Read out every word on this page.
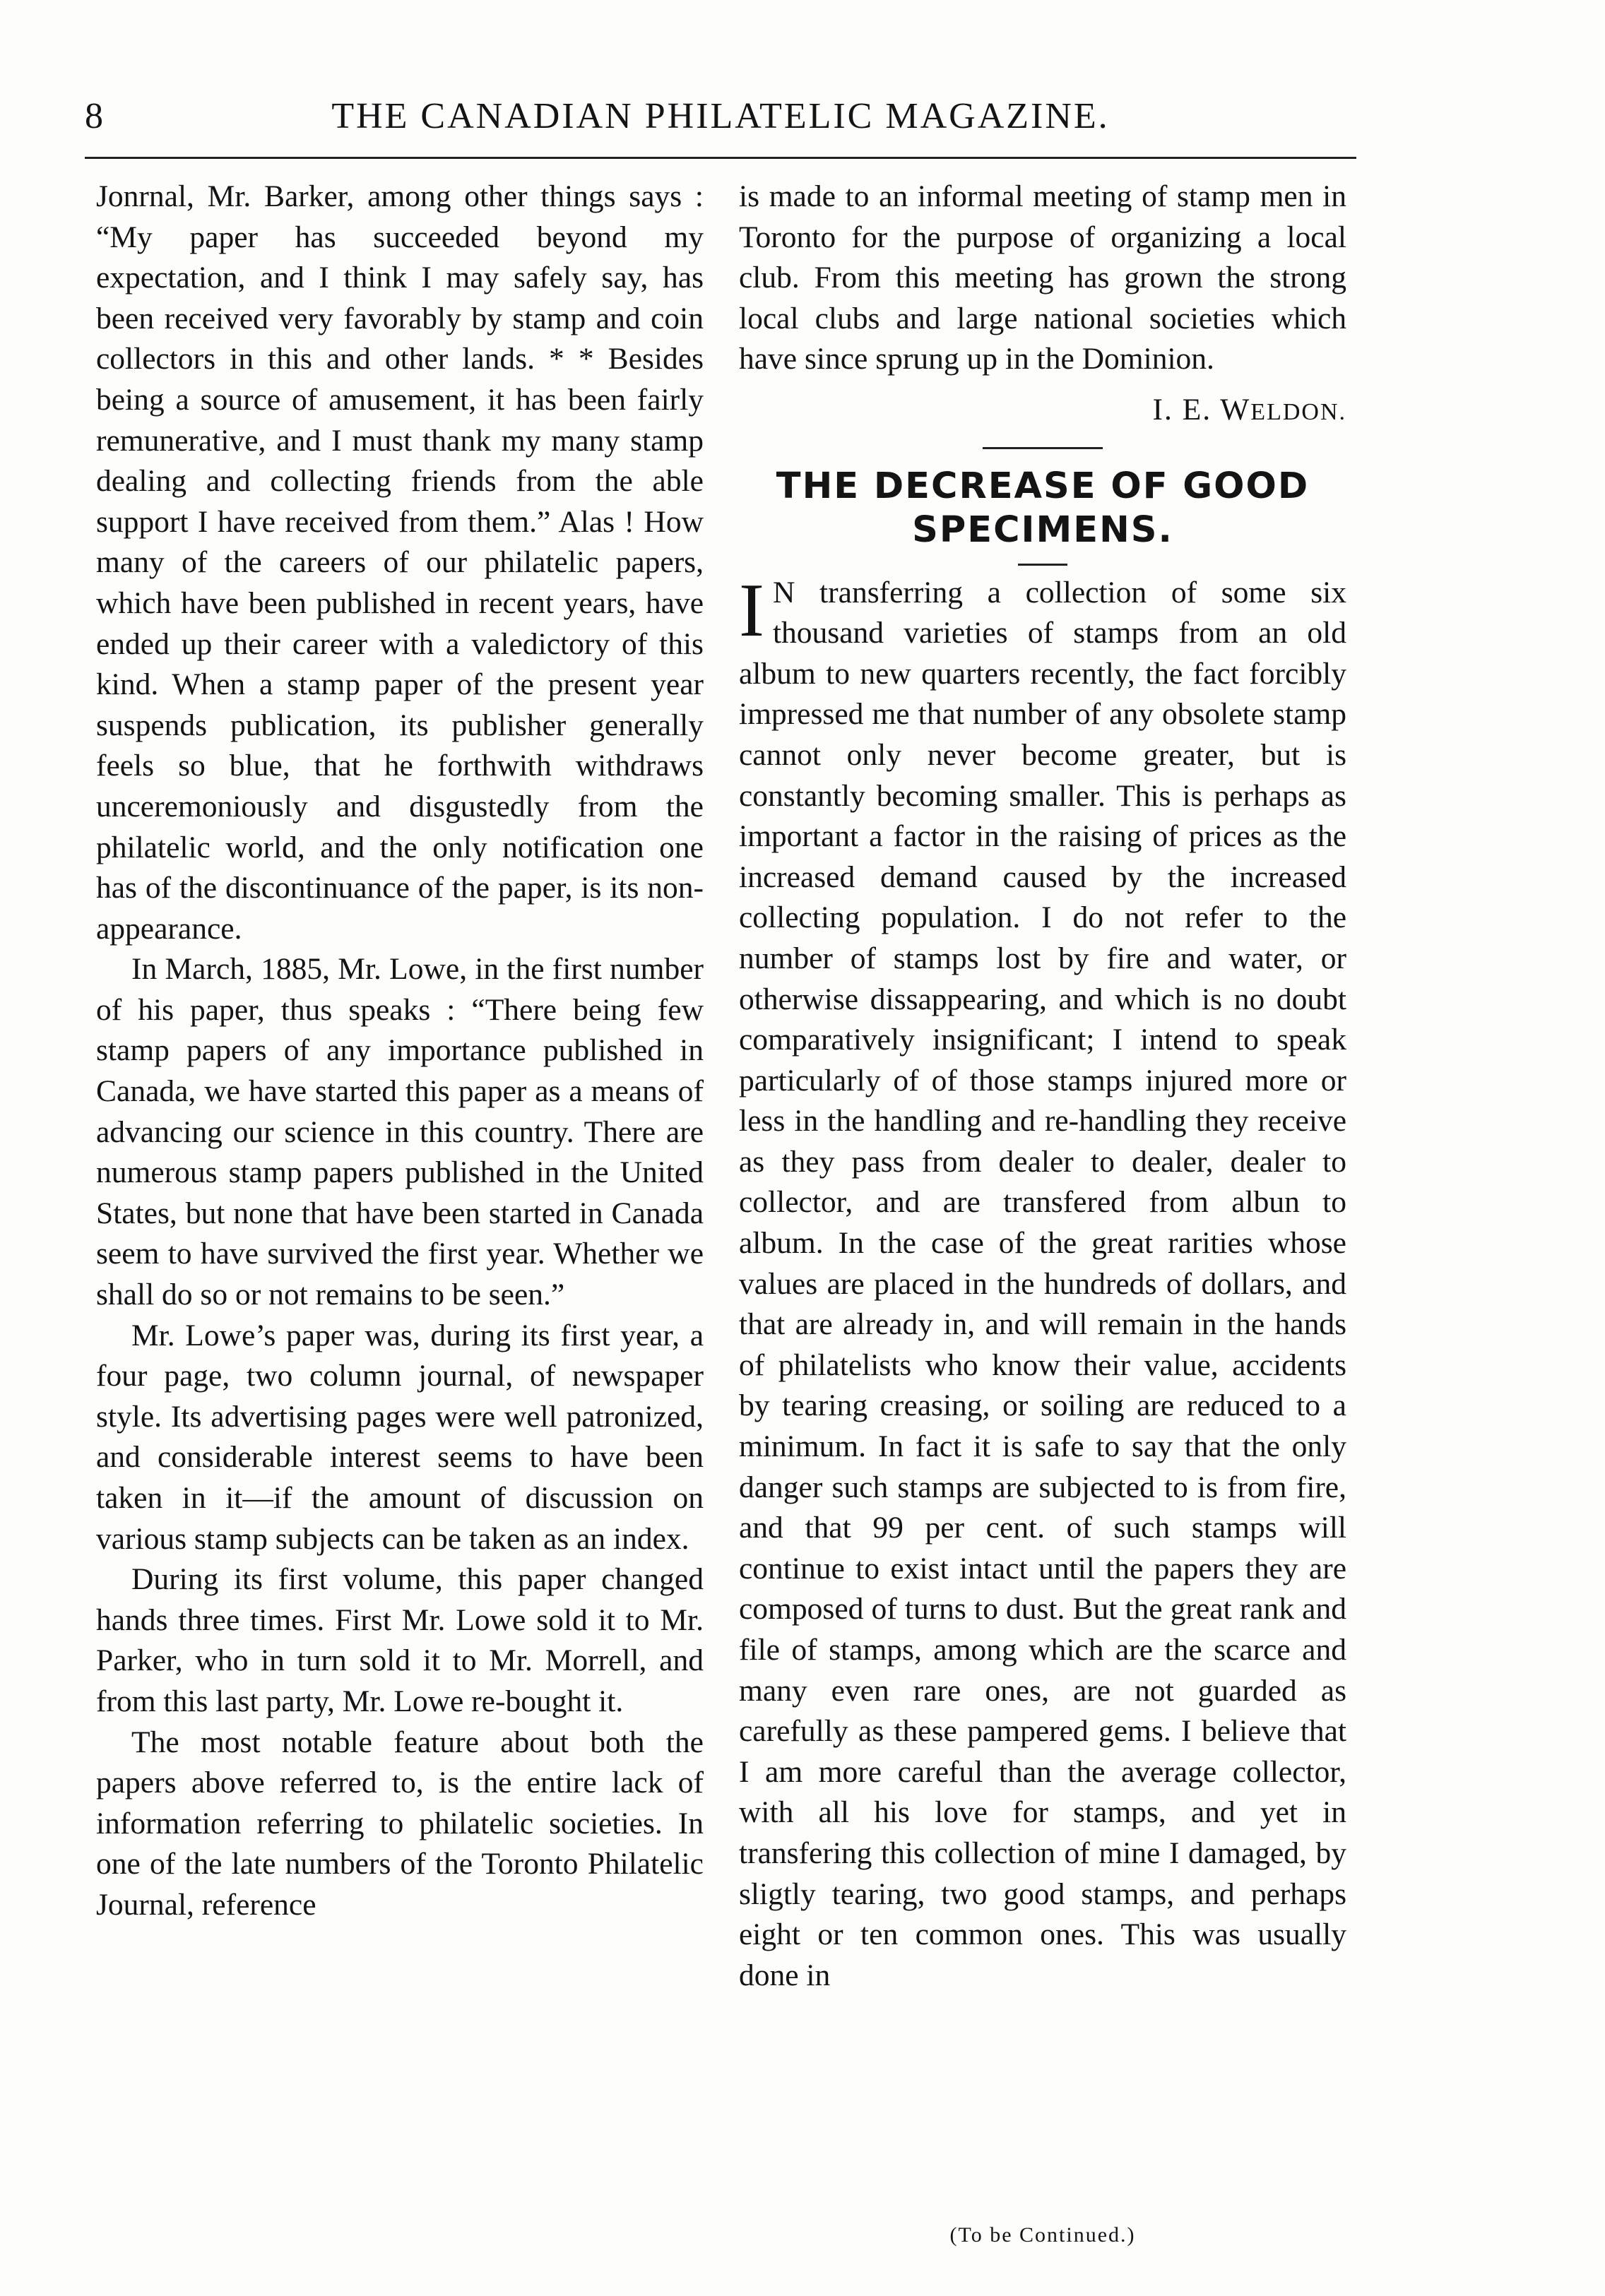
8	THE CANADIAN PHILATELIC MAGAZINE.

Jonrnal, Mr. Barker, among other things says : “My paper has succeeded beyond my expectation, and I think I may safely say, has been received very favorably by stamp and coin collectors in this and other lands. * * Besides being a source of amusement, it has been fairly remunerative, and I must thank my many stamp dealing and collecting friends from the able support I have received from them.” Alas ! How many of the careers of our philatelic papers, which have been published in recent years, have ended up their career with a valedictory of this kind. When a stamp paper of the present year suspends publication, its publisher generally feels so blue, that he forthwith withdraws unceremoniously and disgustedly from the philatelic world, and the only notification one has of the discontinuance of the paper, is its non-appearance.

In March, 1885, Mr. Lowe, in the first number of his paper, thus speaks : “There being few stamp papers of any importance published in Canada, we have started this paper as a means of advancing our science in this country. There are numerous stamp papers published in the United States, but none that have been started in Canada seem to have survived the first year. Whether we shall do so or not remains to be seen.”

Mr. Lowe’s paper was, during its first year, a four page, two column journal, of newspaper style. Its advertising pages were well patronized, and considerable interest seems to have been taken in it—if the amount of discussion on various stamp subjects can be taken as an index.

During its first volume, this paper changed hands three times. First Mr. Lowe sold it to Mr. Parker, who in turn sold it to Mr. Morrell, and from this last party, Mr. Lowe re-bought it.

The most notable feature about both the papers above referred to, is the entire lack of information referring to philatelic societies. In one of the late numbers of the Toronto Philatelic Journal, reference

is made to an informal meeting of stamp men in Toronto for the purpose of organizing a local club. From this meeting has grown the strong local clubs and large national societies which have since sprung up in the Dominion.

I. E. WELDON.
THE DECREASE OF GOOD SPECIMENS.

I N transferring a collection of some six thousand varieties of stamps from an old album to new quarters recently, the fact forcibly impressed me that number of any obsolete stamp cannot only never become greater, but is constantly becoming smaller. This is perhaps as important a factor in the raising of prices as the increased demand caused by the increased collecting population. I do not refer to the number of stamps lost by fire and water, or otherwise dissappearing, and which is no doubt comparatively insignificant; I intend to speak particularly of of those stamps injured more or less in the handling and re-handling they receive as they pass from dealer to dealer, dealer to collector, and are transfered from albun to album. In the case of the great rarities whose values are placed in the hundreds of dollars, and that are already in, and will remain in the hands of philatelists who know their value, accidents by tearing creasing, or soiling are reduced to a minimum. In fact it is safe to say that the only danger such stamps are subjected to is from fire, and that 99 per cent. of such stamps will continue to exist intact until the papers they are composed of turns to dust. But the great rank and file of stamps, among which are the scarce and many even rare ones, are not guarded as carefully as these pampered gems. I believe that I am more careful than the average collector, with all his love for stamps, and yet in transfering this collection of mine I damaged, by sligtly tearing, two good stamps, and perhaps eight or ten common ones. This was usually done in

(To be Continued.)
